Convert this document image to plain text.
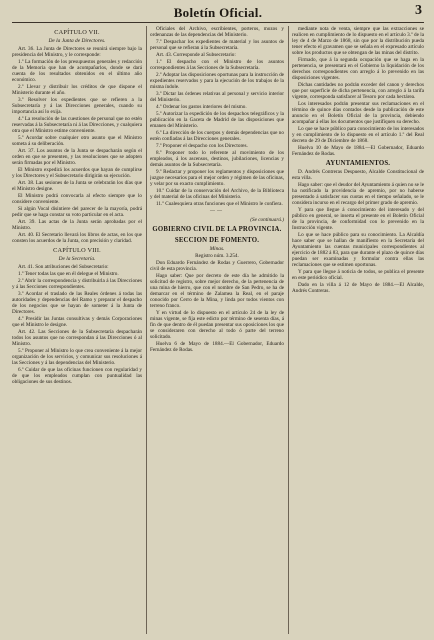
Boletín Oficial.	3
CAPÍTULO VII.
De la Junta de Directores.

Art. 36. La Junta de Directores se reunirá siempre bajo la presidencia del Ministro, y le corresponde:

1.º La formación de los presupuestos generales y redacción de la Memoria que han de acompañarlos, donde se dará cuenta de los resultados obtenidos en el último año económico.

2.º Llevar y distribuir los créditos de que dispone el Ministerio durante el año.

3.º Resolver los expedientes que se refieren a la Subsecretaría y á las Direcciones generales, cuando su importancia así lo exija.

4.º La resolución de las cuestiones de personal que no estén reservadas á la Subsecretaría ni á las Direcciones, y cualquiera otra que el Ministro estime conveniente.

5.º Acordar sobre cualquier otro asunto que el Ministro someta á su deliberación.

Art. 37. Los asuntos de la Junta se despacharán según el orden en que se presenten, y las resoluciones que se adopten serán firmadas por el Ministro.

El Ministro expedirá los acuerdos que hayan de cumplirse y los Directores y el Subsecretario dirigirán su ejecución.

Art. 38. Las sesiones de la Junta se celebrarán los días que el Ministro designe.

El Ministro podrá convocarla al efecto siempre que lo considere conveniente.

Si algún Vocal disintiere del parecer de la mayoría, podrá pedir que se haga constar su voto particular en el acta.

Art. 39. Las actas de la Junta serán aprobadas por el Ministro.

Art. 40. El Secretario llevará los libros de actas, en los que consten los acuerdos de la Junta, con precisión y claridad.

CAPÍTULO VIII.
De la Secretaría.

Art. 41. Son atribuciones del Subsecretario:

1.º Tener todas las que en él delegue el Ministro.

2.º Abrir la correspondencia y distribuirla á las Direcciones y á las Secciones correspondientes.

3.º Acordar el traslado de las Reales órdenes á todas las autoridades y dependencias del Ramo y preparar el despacho de los negocios que se hayan de someter á la Junta de Directores.

4.º Presidir las Juntas consultivas y demás Corporaciones que el Ministro le designe.

Art. 42. Las Secciones de la Subsecretaría despacharán todos los asuntos que no correspondan á las Direcciones ó al Ministro.

5.º Proponer al Ministro lo que crea conveniente á la mejor organización de los servicios, y comunicar sus resoluciones á las Secciones y á las dependencias del Ministerio.

6.º Cuidar de que las oficinas funcionen con regularidad y de que los empleados cumplan con puntualidad las obligaciones de sus destinos.

Oficiales del Archivo, escribientes, porteros, mozos y ordenanzas de las dependencias del Ministerio.

7.º Despachar los expedientes de material y los asuntos de personal que se refieran á la Subsecretaría.

Art. 43. Corresponde al Subsecretario:

1.º El despacho con el Ministro de los asuntos correspondientes á las Secciones de la Subsecretaría.

2.º Adoptar las disposiciones oportunas para la instrucción de expedientes reservados y para la ejecución de los trabajos de la misma índole.

3.º Dictar las órdenes relativas al personal y servicio interior del Ministerio.

4.º Ordenar los gastos interiores del mismo.

5.º Autorizar la expedición de los despachos telegráficos y la publicación en la Gaceta de Madrid de las disposiciones que emanen del Ministerio.

6.º La dirección de los cuerpos y demás dependencias que no estén confiadas á las Direcciones generales.

7.º Proponer el despacho con los Directores.

8.º Proponer todo lo referente al movimiento de los empleados, á los ascensos, destinos, jubilaciones, licencias y demás asuntos de la Subsecretaría.

9.º Redactar y proponer los reglamentos y disposiciones que juzgue necesarios para el mejor orden y régimen de las oficinas, y velar por su exacto cumplimiento.

10.º Cuidar de la conservación del Archivo, de la Biblioteca y del material de las oficinas del Ministerio.

11.º Cualesquiera otras funciones que el Ministro le confiera.

——
(Se continuará.)
GOBIERNO CIVIL DE LA PROVINCIA.
SECCION DE FOMENTO.
Minas.
Registro núm. 3.254.

Don Eduardo Fernández de Rodas y Guerrero, Gobernador civil de esta provincia.

Hago saber: Que por decreto de este día he admitido la solicitud de registro, sobre mejor derecho, de la pertenencia de una mina de hierro, que con el nombre de San Pedro, se ha de demarcar en el término de Zalamea la Real, en el paraje conocido por Cerro de la Mina, y linda por todos vientos con terreno franco.

Y en virtud de lo dispuesto en el artículo 24 de la ley de minas vigente, se fija este edicto por término de sesenta días, á fin de que dentro de él puedan presentar sus oposiciones los que se consideraren con derecho al todo ó parte del terreno solicitado.

Huelva 6 de Mayo de 1884.—El Gobernador, Eduardo Fernández de Rodas.

mediante nota de venta, siempre que las extracciones se realicen en cumplimiento de lo dispuesto en el artículo 3.º de la ley de 4 de Marzo de 1868, sin que por la distribución pueda tener efecto el gravamen que se señala en el expresado artículo sobre los productos que se obtengan de las minas del distrito.

Firmado, que á la segunda ocupación que se haga en la pertenencia, se presentará en el Gobierno la liquidación de los derechos correspondientes con arreglo á lo prevenido en las disposiciones vigentes.

Dichas cantidades no podrán exceder del canon y derechos que por superficie de dicha pertenencia, con arreglo á la tarifa vigente, corresponda satisfacer al Tesoro por cada hectárea.

Los interesados podrán presentar sus reclamaciones en el término de quince días contados desde la publicación de este anuncio en el Boletín Oficial de la provincia, debiendo acompañar á ellas los documentos que justifiquen su derecho.

Lo que se hace público para conocimiento de los interesados y en cumplimiento de lo dispuesto en el artículo 1.º del Real decreto de 29 de Diciembre de 1868.

Huelva 10 de Mayo de 1884.—El Gobernador, Eduardo Fernández de Rodas.

AYUNTAMIENTOS.

D. Andrés Contreras Despuesto, Alcalde Constitucional de esta villa.

Hago saber: que el deudor del Ayuntamiento á quien no se le ha notificado la providencia de apremio, por no haberse presentado á satisfacer sus cuotas en el tiempo señalado, se le considera incurso en el recargo del primer grado de apremio.

Y para que llegue á conocimiento del interesado y del público en general, se inserta el presente en el Boletín Oficial de la provincia, de conformidad con lo prevenido en la Instrucción vigente.

Lo que se hace público para su conocimiento. La Alcaldía hace saber que se hallan de manifiesto en la Secretaría del Ayuntamiento las cuentas municipales correspondientes al ejercicio de 1882 á 83, para que durante el plazo de quince días puedan ser examinadas y formular contra ellas las reclamaciones que se estimen oportunas.

Y para que llegue á noticia de todos, se publica el presente en este periódico oficial.

Dado en la villa á 12 de Mayo de 1884.—El Alcalde, Andrés Contreras.
